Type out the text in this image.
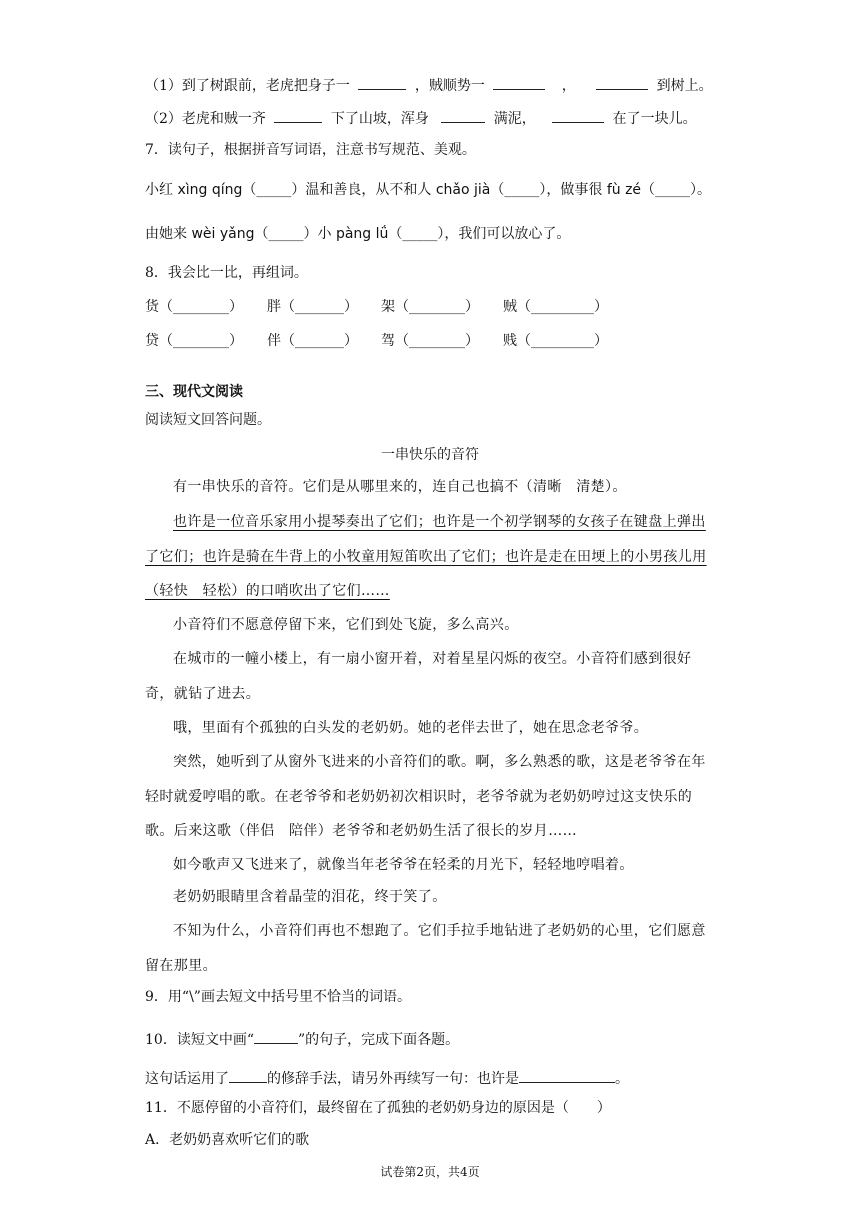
（1）到了树跟前，老虎把身子一	，贼顺势一	，	到树上。
（2）老虎和贼一齐	下了山坡，浑身	满泥，	在了一块儿。
7．读句子，根据拼音写词语，注意书写规范、美观。
小红 xìng qíng（_____）温和善良，从不和人 chǎo jià（_____），做事很 fù zé（_____）。
由她来 wèi yǎng（_____）小 pàng lǘ（_____），我们可以放心了。
8．我会比一比，再组词。
货（________） 胖（_______） 架（________） 贼（_________）
贷（________） 伴（_______） 驾（________） 贱（_________）
三、现代文阅读
阅读短文回答问题。
一串快乐的音符
有一串快乐的音符。它们是从哪里来的，连自己也搞不（清晰　清楚）。
也许是一位音乐家用小提琴奏出了它们；也许是一个初学钢琴的女孩子在键盘上弹出了它们；也许是骑在牛背上的小牧童用短笛吹出了它们；也许是走在田埂上的小男孩儿用（轻快　轻松）的口哨吹出了它们……
小音符们不愿意停留下来，它们到处飞旋，多么高兴。
在城市的一幢小楼上，有一扇小窗开着，对着星星闪烁的夜空。小音符们感到很好奇，就钻了进去。
哦，里面有个孤独的白头发的老奶奶。她的老伴去世了，她在思念老爷爷。
突然，她听到了从窗外飞进来的小音符们的歌。啊，多么熟悉的歌，这是老爷爷在年轻时就爱哼唱的歌。在老爷爷和老奶奶初次相识时，老爷爷就为老奶奶哼过这支快乐的歌。后来这歌（伴侣　陪伴）老爷爷和老奶奶生活了很长的岁月……
如今歌声又飞进来了，就像当年老爷爷在轻柔的月光下，轻轻地哼唱着。
老奶奶眼睛里含着晶莹的泪花，终于笑了。
不知为什么，小音符们再也不想跑了。它们手拉手地钻进了老奶奶的心里，它们愿意留在那里。
9．用“\”画去短文中括号里不恰当的词语。
10．读短文中画“	”的句子，完成下面各题。
这句话运用了	的修辞手法，请另外再续写一句：也许是	。
11．不愿停留的小音符们，最终留在了孤独的老奶奶身边的原因是（　　）
A．老奶奶喜欢听它们的歌
试卷第2页，共4页
